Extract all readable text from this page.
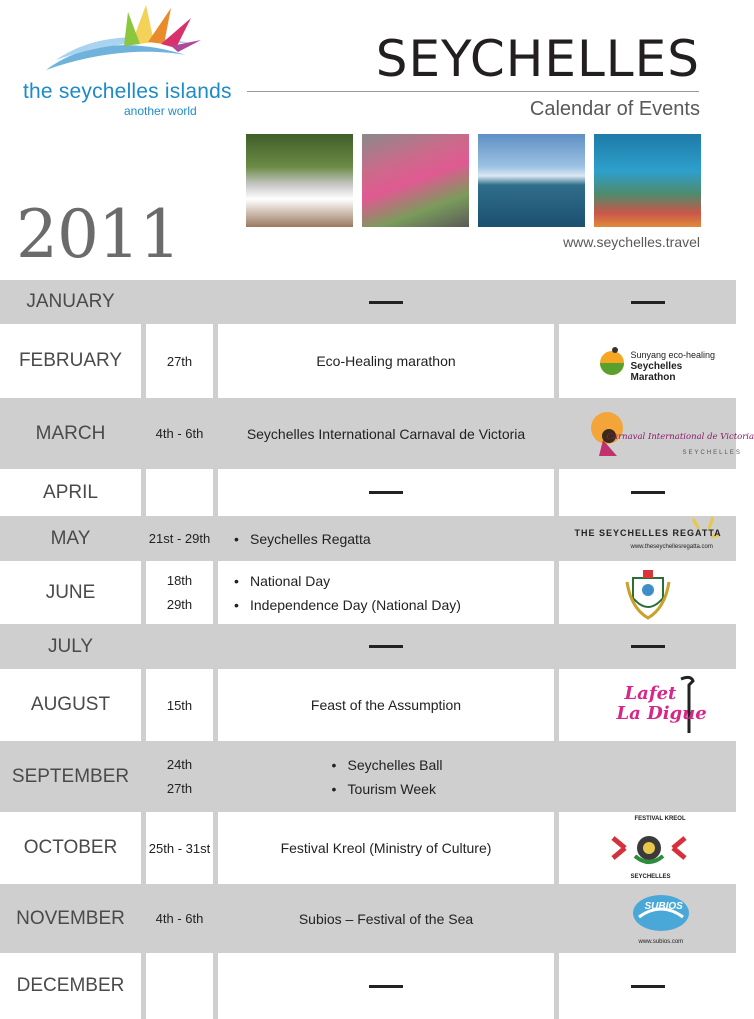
the seychelles islands
another world
SEYCHELLES
Calendar of Events
www.seychelles.travel
2011
JANUARY
FEBRUARY	27th	Eco-Healing marathon	Sunyang eco-healing
Seychelles Marathon
MARCH	4th - 6th	Seychelles International Carnaval de Victoria	Carnaval International de Victoria
SEYCHELLES
APRIL
MAY	21st - 29th
•	Seychelles Regatta	THE SEYCHELLES REGATTA
www.theseychellesregatta.com
JUNE
18th
29th
• National Day
• Independence Day (National Day)
JULY
AUGUST	15th	Feast of the Assumption
Lafet
La Digue
SEPTEMBER
24th
27th
• Seychelles Ball
• Tourism Week
OCTOBER 25th - 31st	Festival Kreol (Ministry of Culture)
FESTIVAL KREOL
SEYCHELLES
NOVEMBER 4th - 6th	Subios – Festival of the Sea
SUBIOS
www.subios.com
DECEMBER
